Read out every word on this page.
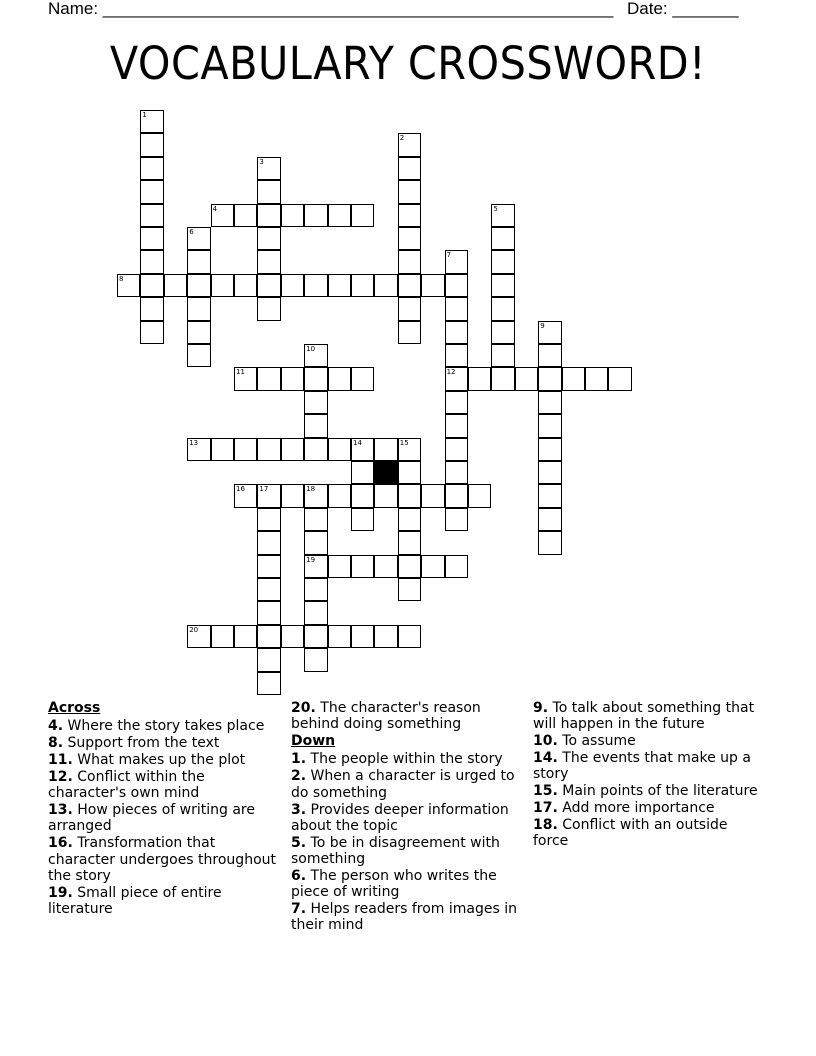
Name: ______________________________________________________ Date: _______
VOCABULARY CROSSWORD!
1
2
3
4	5
6
7
12
8
9
10
11
13	14	15
16 17	18
19
20
Across
4. Where the story takes place
8. Support from the text
11. What makes up the plot
12. Conflict within the character's own mind
13. How pieces of writing are arranged
16. Transformation that character undergoes throughout the story
19. Small piece of entire literature
20. The character's reason behind doing something
Down
1. The people within the story
2. When a character is urged to do something
3. Provides deeper information about the topic
5. To be in disagreement with something
6. The person who writes the piece of writing
7. Helps readers from images in their mind
9. To talk about something that will happen in the future
10. To assume
14. The events that make up a story
15. Main points of the literature
17. Add more importance
18. Conflict with an outside force
